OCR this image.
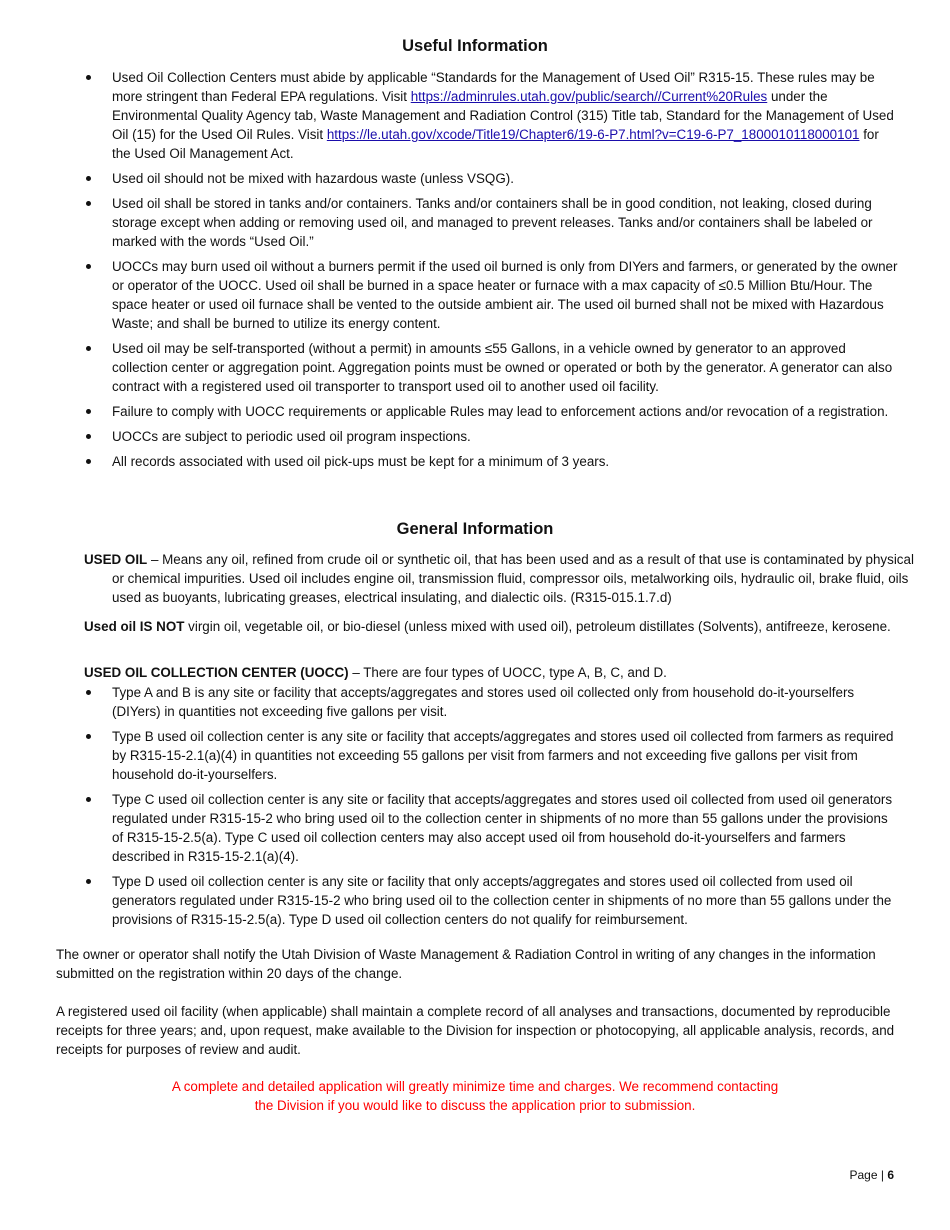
Useful Information
Used Oil Collection Centers must abide by applicable “Standards for the Management of Used Oil” R315-15. These rules may be more stringent than Federal EPA regulations. Visit https://adminrules.utah.gov/public/search//Current%20Rules under the Environmental Quality Agency tab, Waste Management and Radiation Control (315) Title tab, Standard for the Management of Used Oil (15) for the Used Oil Rules. Visit https://le.utah.gov/xcode/Title19/Chapter6/19-6-P7.html?v=C19-6-P7_1800010118000101 for the Used Oil Management Act.
Used oil should not be mixed with hazardous waste (unless VSQG).
Used oil shall be stored in tanks and/or containers. Tanks and/or containers shall be in good condition, not leaking, closed during storage except when adding or removing used oil, and managed to prevent releases. Tanks and/or containers shall be labeled or marked with the words “Used Oil.”
UOCCs may burn used oil without a burners permit if the used oil burned is only from DIYers and farmers, or generated by the owner or operator of the UOCC. Used oil shall be burned in a space heater or furnace with a max capacity of ≤0.5 Million Btu/Hour. The space heater or used oil furnace shall be vented to the outside ambient air. The used oil burned shall not be mixed with Hazardous Waste; and shall be burned to utilize its energy content.
Used oil may be self-transported (without a permit) in amounts ≤55 Gallons, in a vehicle owned by generator to an approved collection center or aggregation point. Aggregation points must be owned or operated or both by the generator. A generator can also contract with a registered used oil transporter to transport used oil to another used oil facility.
Failure to comply with UOCC requirements or applicable Rules may lead to enforcement actions and/or revocation of a registration.
UOCCs are subject to periodic used oil program inspections.
All records associated with used oil pick-ups must be kept for a minimum of 3 years.
General Information

USED OIL – Means any oil, refined from crude oil or synthetic oil, that has been used and as a result of that use is contaminated by physical or chemical impurities. Used oil includes engine oil, transmission fluid, compressor oils, metalworking oils, hydraulic oil, brake fluid, oils used as buoyants, lubricating greases, electrical insulating, and dialectic oils. (R315-015.1.7.d)

Used oil IS NOT virgin oil, vegetable oil, or bio-diesel (unless mixed with used oil), petroleum distillates (Solvents), antifreeze, kerosene.

USED OIL COLLECTION CENTER (UOCC) – There are four types of UOCC, type A, B, C, and D.

Type A and B is any site or facility that accepts/aggregates and stores used oil collected only from household do-it-yourselfers (DIYers) in quantities not exceeding five gallons per visit.
Type B used oil collection center is any site or facility that accepts/aggregates and stores used oil collected from farmers as required by R315-15-2.1(a)(4) in quantities not exceeding 55 gallons per visit from farmers and not exceeding five gallons per visit from household do-it-yourselfers.
Type C used oil collection center is any site or facility that accepts/aggregates and stores used oil collected from used oil generators regulated under R315-15-2 who bring used oil to the collection center in shipments of no more than 55 gallons under the provisions of R315-15-2.5(a). Type C used oil collection centers may also accept used oil from household do-it-yourselfers and farmers described in R315-15-2.1(a)(4).
Type D used oil collection center is any site or facility that only accepts/aggregates and stores used oil collected from used oil generators regulated under R315-15-2 who bring used oil to the collection center in shipments of no more than 55 gallons under the provisions of R315-15-2.5(a). Type D used oil collection centers do not qualify for reimbursement.

The owner or operator shall notify the Utah Division of Waste Management & Radiation Control in writing of any changes in the information submitted on the registration within 20 days of the change.

A registered used oil facility (when applicable) shall maintain a complete record of all analyses and transactions, documented by reproducible receipts for three years; and, upon request, make available to the Division for inspection or photocopying, all applicable analysis, records, and receipts for purposes of review and audit.

A complete and detailed application will greatly minimize time and charges. We recommend contacting
the Division if you would like to discuss the application prior to submission.

Page | 6
